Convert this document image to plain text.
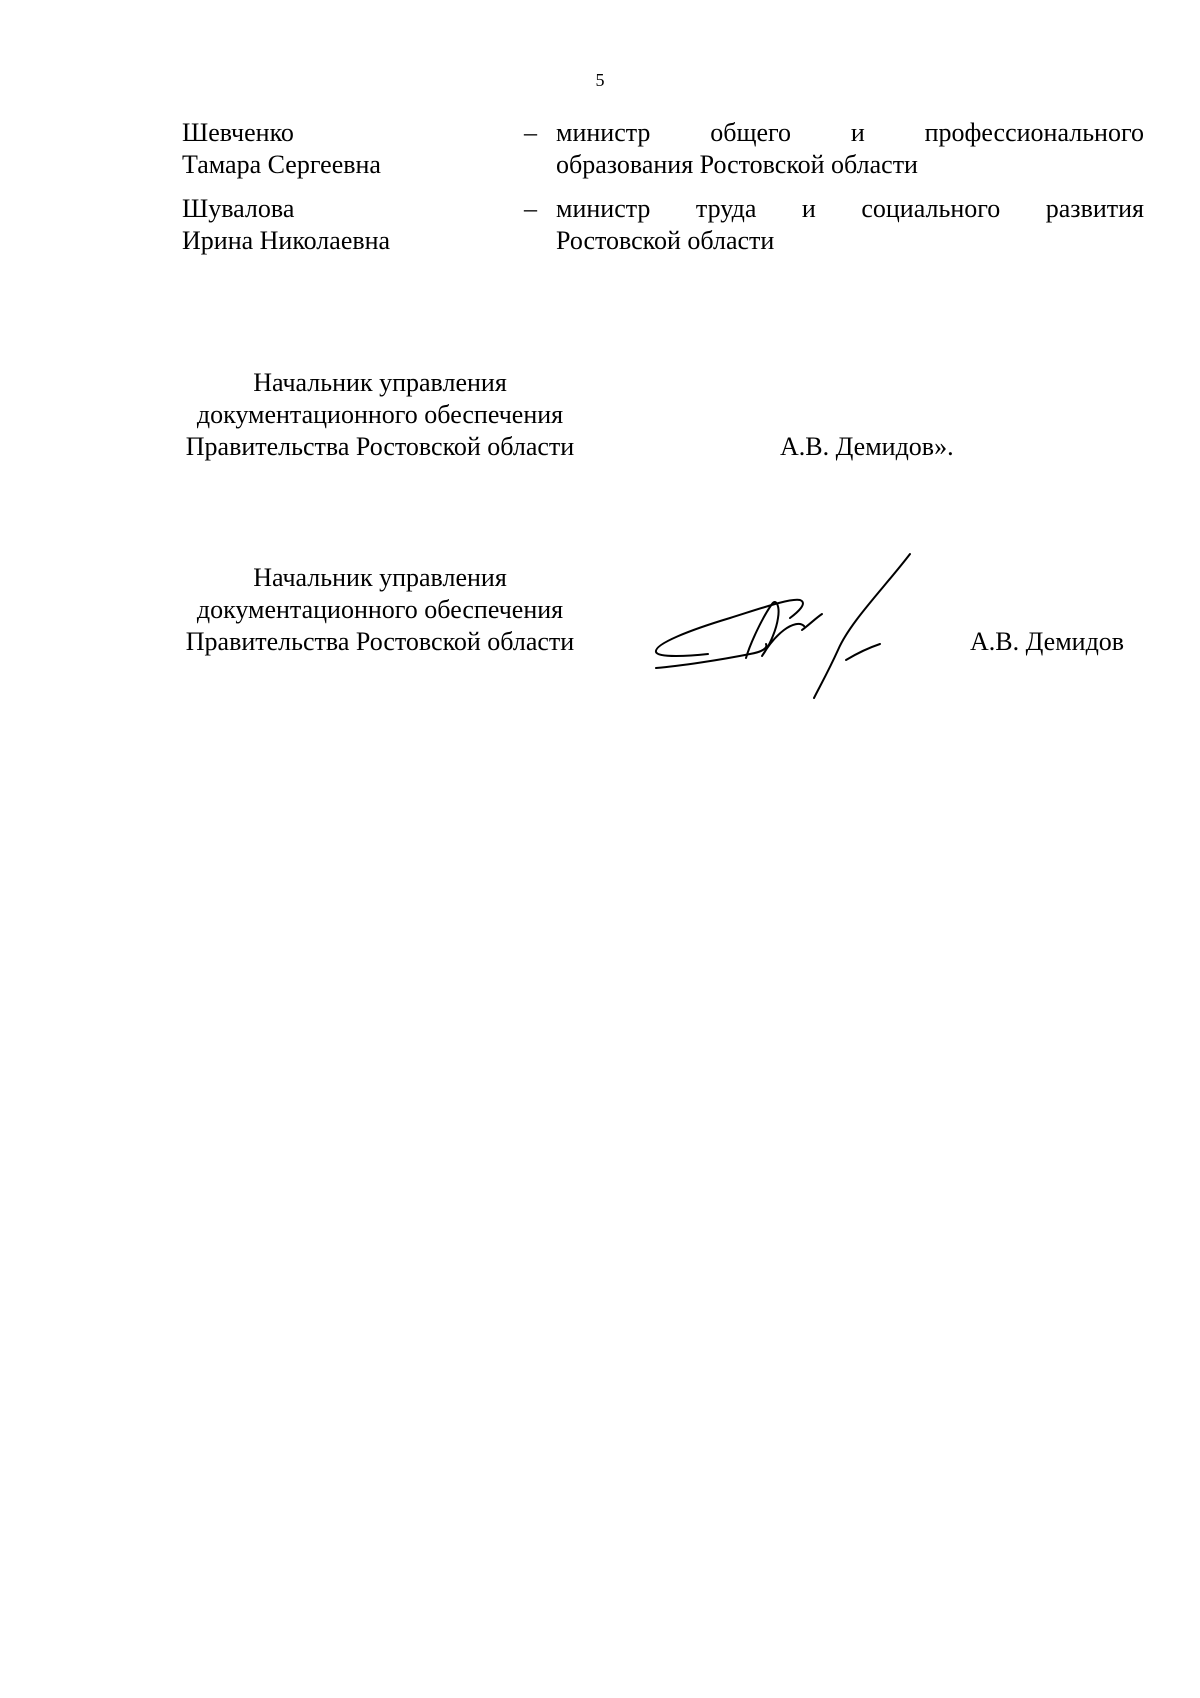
5
Шевченко
Тамара Сергеевна
– министр общего и профессионального
образования Ростовской области
Шувалова
Ирина Николаевна
– министр труда и социального развития
Ростовской области
Начальник управления
документационного обеспечения
Правительства Ростовской области	А.В. Демидов».
Начальник управления
документационного обеспечения
Правительства Ростовской области	А.В. Демидов
